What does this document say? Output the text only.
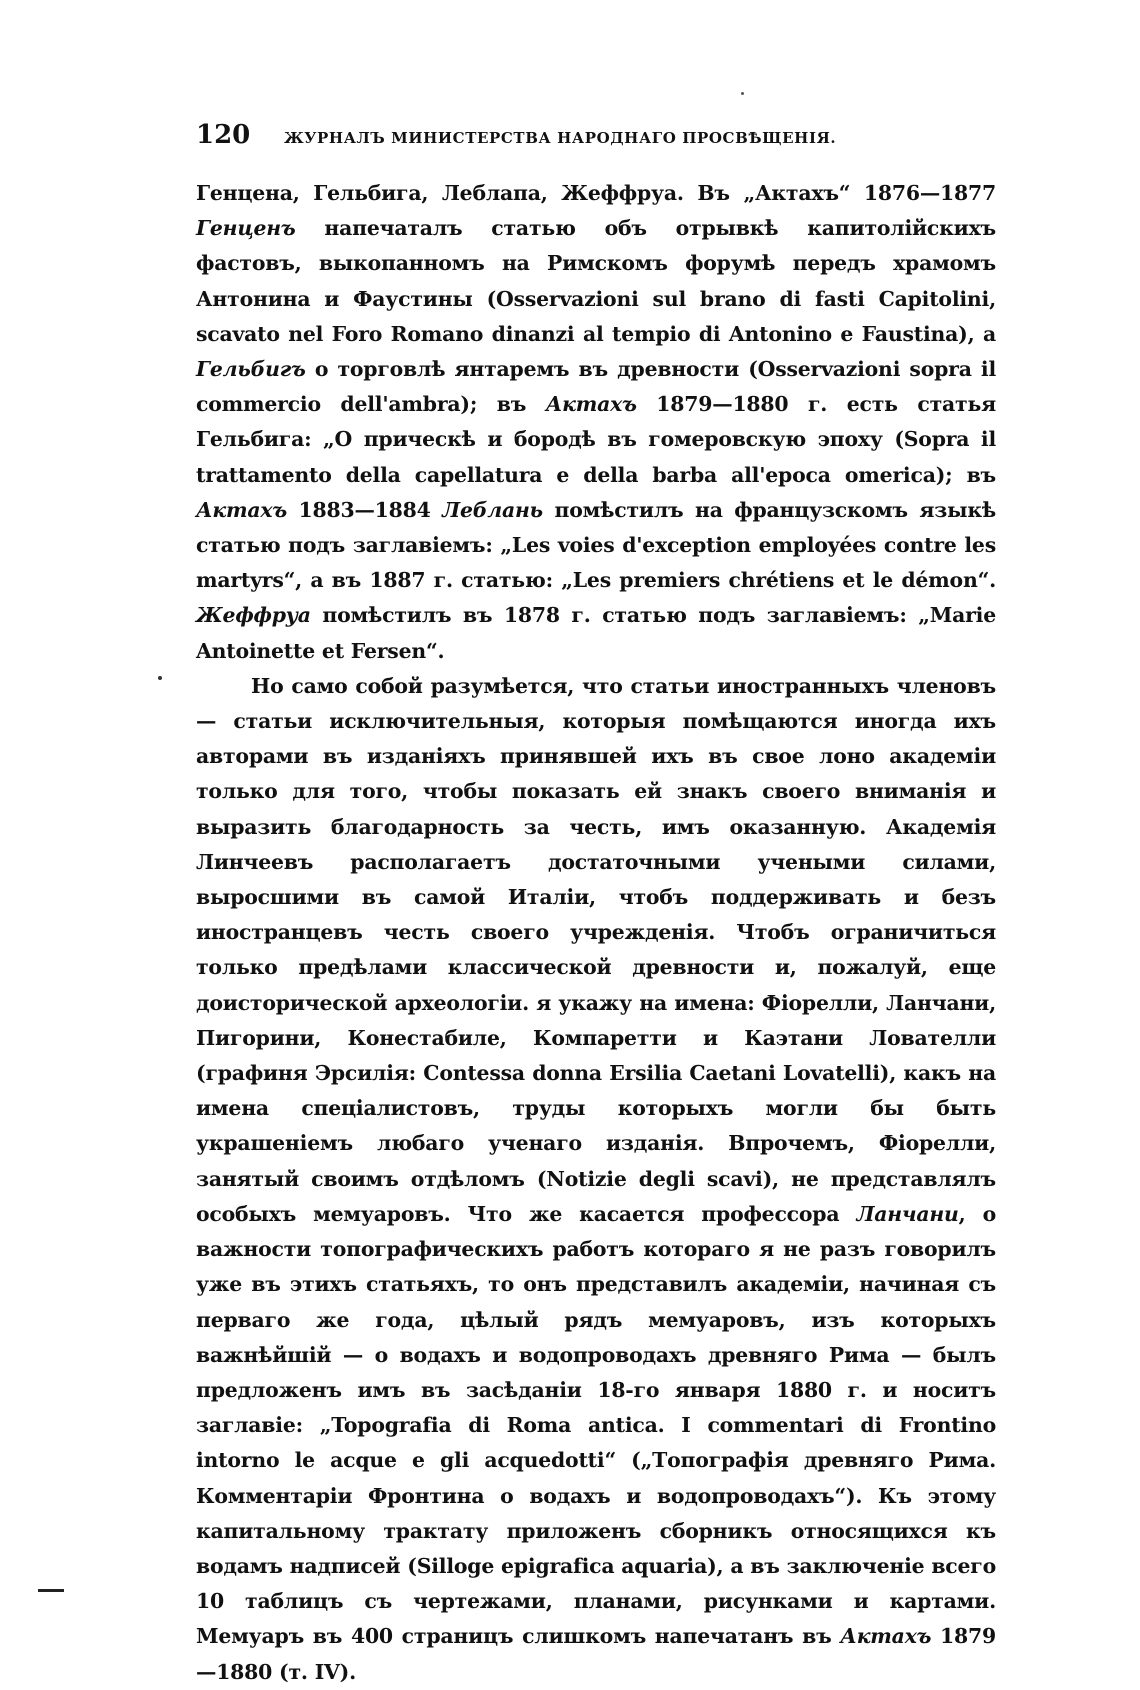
120	ЖУРНАЛЪ МИНИСТЕРСТВА НАРОДНАГО ПРОСВѢЩЕНІЯ.

Генцена, Гельбига, Леблапа, Жеффруа. Въ „Актахъ“ 1876—1877 Генценъ напечаталъ статью объ отрывкѣ капитолійскихъ фастовъ, выкопанномъ на Римскомъ форумѣ передъ храмомъ Антонина и Фаустины (Osservazioni sul brano di fasti Capitolini, scavato nel Foro Romano dinanzi al tempio di Antonino e Faustina), а Гельбигъ о торговлѣ янтаремъ въ древности (Osservazioni sopra il commercio dell'ambra); въ Актахъ 1879—1880 г. есть статья Гельбига: „О прическѣ и бородѣ въ гомеровскую эпоху (Sopra il trattamento della capellatura e della barba all'epoca omerica); въ Актахъ 1883—1884 Леблань помѣстилъ на французскомъ языкѣ статью подъ заглавіемъ: „Les voies d'exception employées contre les martyrs“, а въ 1887 г. статью: „Les premiers chrétiens et le démon“. Жеффруа помѣстилъ въ 1878 г. статью подъ заглавіемъ: „Marie Antoinette et Fersen“.

Но само собой разумѣется, что статьи иностранныхъ членовъ— статьи исключительныя, которыя помѣщаются иногда ихъ авторами въ изданіяхъ принявшей ихъ въ свое лоно академіи только для того, чтобы показать ей знакъ своего вниманія и выразить благодарность за честь, имъ оказанную. Академія Линчеевъ располагаетъ достаточными учеными силами, выросшими въ самой Италіи, чтобъ поддерживать и безъ иностранцевъ честь своего учрежденія. Чтобъ ограничиться только предѣлами классической древности и, пожалуй, еще доисторической археологіи. я укажу на имена: Фіорелли, Ланчани, Пигорини, Конестабиле, Компаретти и Каэтани Лователли (графиня Эрсилія: Contessa donna Ersilia Caetani Lovatelli), какъ на имена спеціалистовъ, труды которыхъ могли бы быть украшеніемъ любаго ученаго изданія. Впрочемъ, Фіорелли, занятый своимъ отдѣломъ (Notizie degli scavi), не представлялъ особыхъ мемуаровъ. Что же касается профессора Ланчани, о важности топографическихъ работъ котораго я не разъ говорилъ уже въ этихъ статьяхъ, то онъ представилъ академіи, начиная съ перваго же года, цѣлый рядъ мемуаровъ, изъ которыхъ важнѣйшій — о водахъ и водопроводахъ древняго Рима — былъ предложенъ имъ въ засѣданіи 18-го января 1880 г. и носитъ заглавіе: „Topografia di Roma antica. I commentari di Frontino intorno le acque e gli acquedotti“ („Топографія древняго Рима. Комментаріи Фронтина о водахъ и водопроводахъ“). Къ этому капитальному трактату приложенъ сборникъ относящихся къ водамъ надписей (Silloge epigrafica aquaria), а въ заключеніе всего 10 таблицъ съ чертежами, планами, рисунками и картами. Мемуаръ въ 400 страницъ слишкомъ напечатанъ въ Актахъ 1879—1880 (т. IV).
